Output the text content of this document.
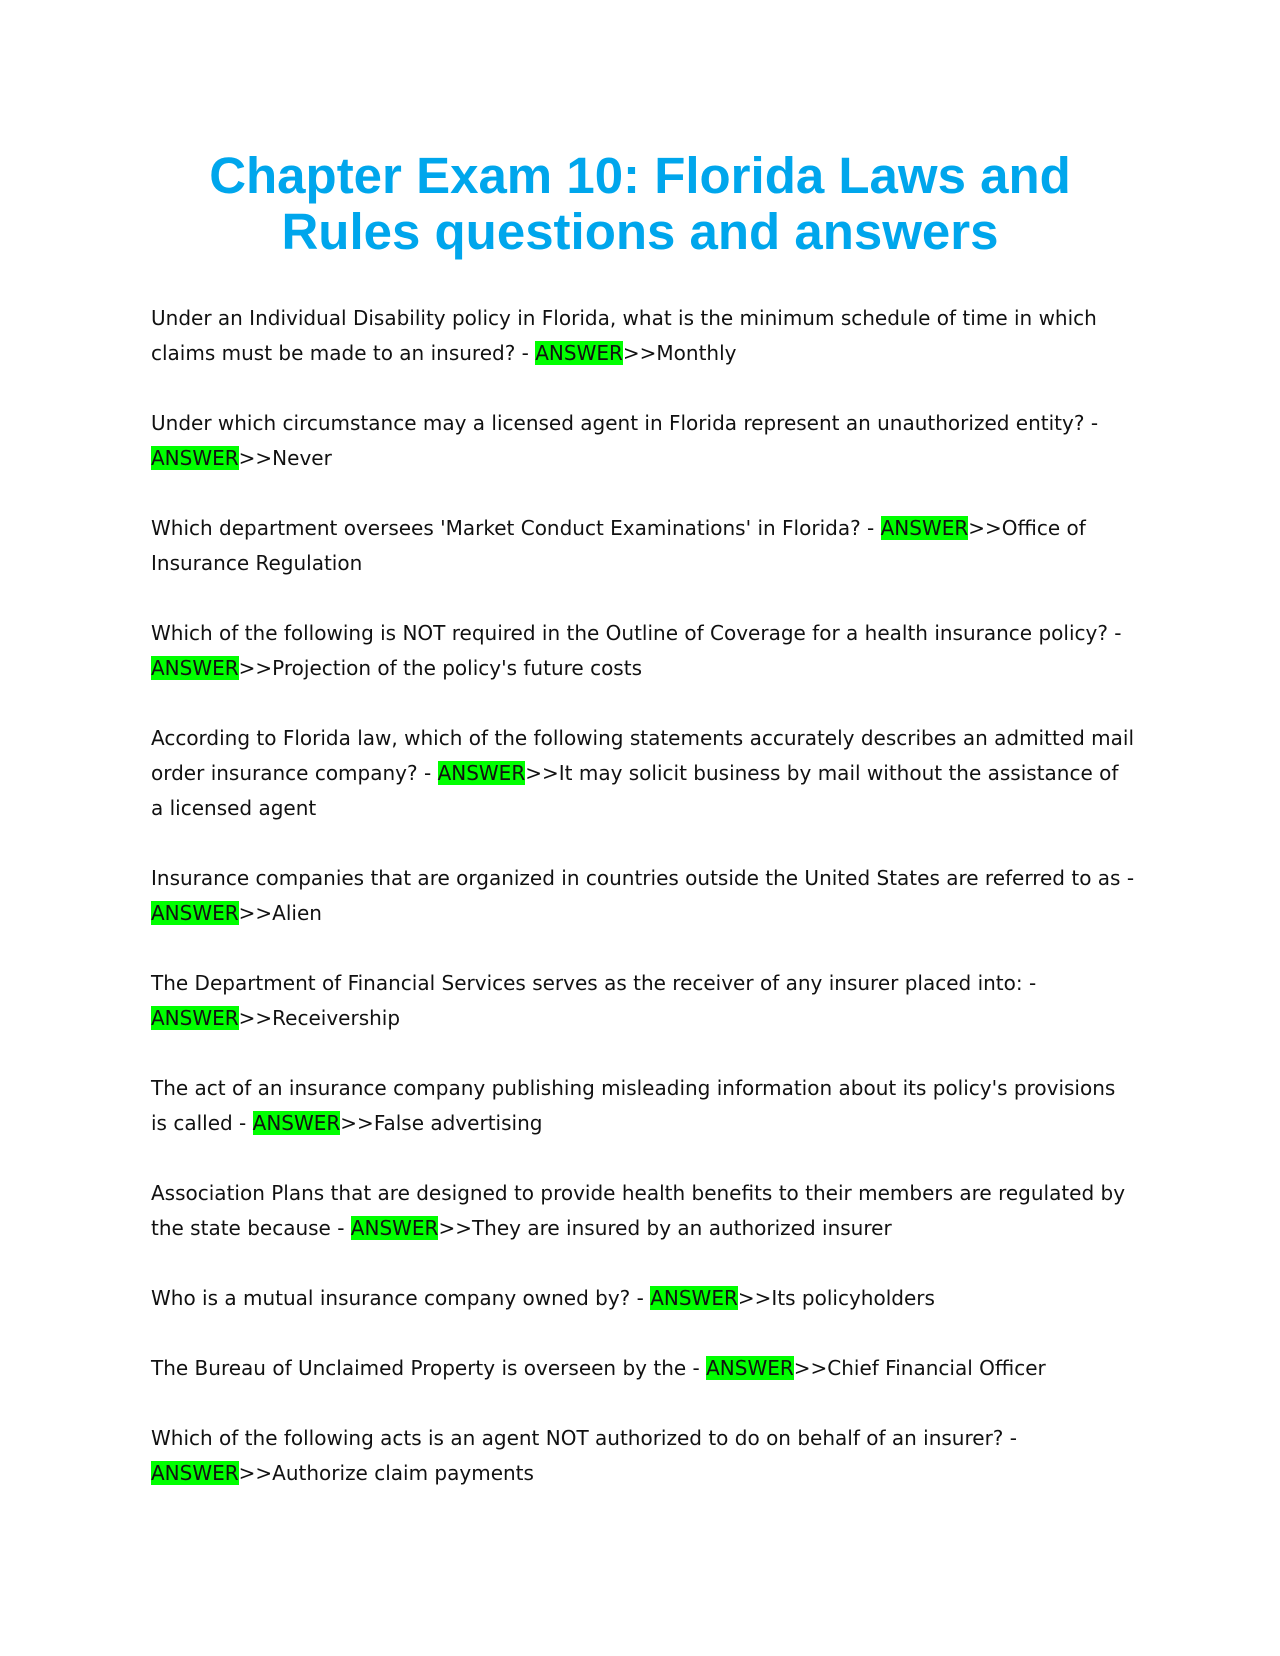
Chapter Exam 10: Florida Laws and Rules questions and answers
Under an Individual Disability policy in Florida, what is the minimum schedule of time in which claims must be made to an insured? - ANSWER>>Monthly
Under which circumstance may a licensed agent in Florida represent an unauthorized entity? - ANSWER>>Never
Which department oversees 'Market Conduct Examinations' in Florida? - ANSWER>>Office of Insurance Regulation
Which of the following is NOT required in the Outline of Coverage for a health insurance policy? - ANSWER>>Projection of the policy's future costs
According to Florida law, which of the following statements accurately describes an admitted mail order insurance company? - ANSWER>>It may solicit business by mail without the assistance of a licensed agent
Insurance companies that are organized in countries outside the United States are referred to as - ANSWER>>Alien
The Department of Financial Services serves as the receiver of any insurer placed into: - ANSWER>>Receivership
The act of an insurance company publishing misleading information about its policy's provisions is called - ANSWER>>False advertising
Association Plans that are designed to provide health benefits to their members are regulated by the state because - ANSWER>>They are insured by an authorized insurer
Who is a mutual insurance company owned by? - ANSWER>>Its policyholders
The Bureau of Unclaimed Property is overseen by the - ANSWER>>Chief Financial Officer
Which of the following acts is an agent NOT authorized to do on behalf of an insurer? - ANSWER>>Authorize claim payments
